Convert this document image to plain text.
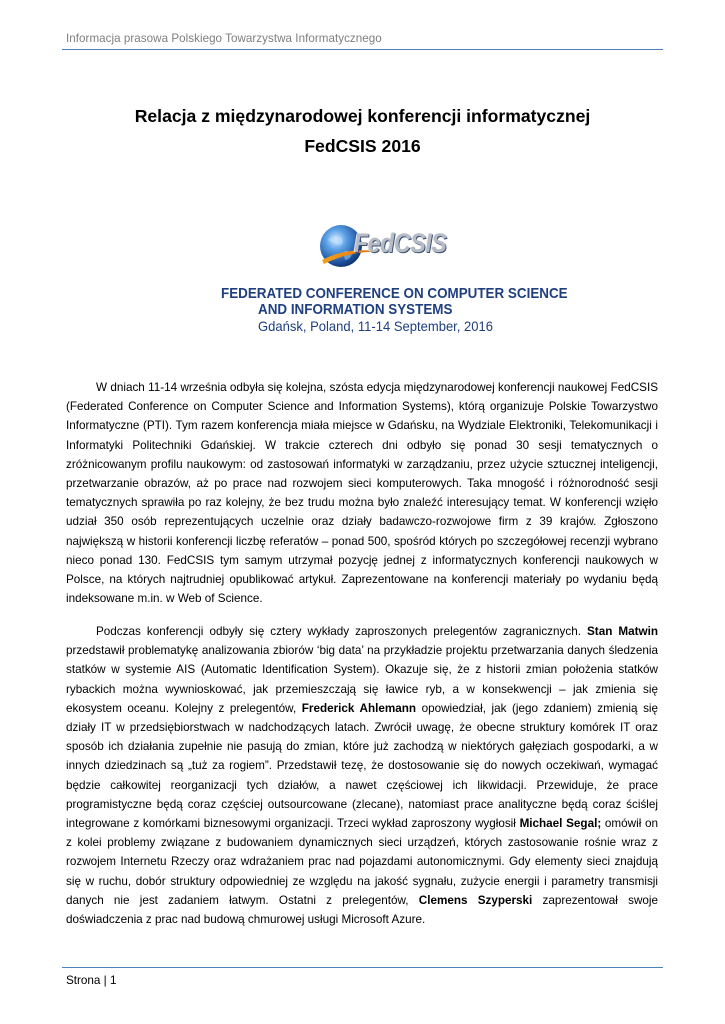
Informacja prasowa Polskiego Towarzystwa Informatycznego
Relacja z międzynarodowej konferencji informatycznej
FedCSIS 2016
FedCSIS
FEDERATED CONFERENCE ON COMPUTER SCIENCE
AND INFORMATION SYSTEMS
Gdańsk, Poland, 11-14 September, 2016

W dniach 11-14 września odbyła się kolejna, szósta edycja międzynarodowej konferencji naukowej FedCSIS (Federated Conference on Computer Science and Information Systems), którą organizuje Polskie Towarzystwo Informatyczne (PTI). Tym razem konferencja miała miejsce w Gdańsku, na Wydziale Elektroniki, Telekomunikacji i Informatyki Politechniki Gdańskiej. W trakcie czterech dni odbyło się ponad 30 sesji tematycznych o zróżnicowanym profilu naukowym: od zastosowań informatyki w zarządzaniu, przez użycie sztucznej inteligencji, przetwarzanie obrazów, aż po prace nad rozwojem sieci komputerowych. Taka mnogość i różnorodność sesji tematycznych sprawiła po raz kolejny, że bez trudu można było znaleźć interesujący temat. W konferencji wzięło udział 350 osób reprezentujących uczelnie oraz działy badawczo-rozwojowe firm z 39 krajów. Zgłoszono największą w historii konferencji liczbę referatów – ponad 500, spośród których po szczegółowej recenzji wybrano nieco ponad 130. FedCSIS tym samym utrzymał pozycję jednej z informatycznych konferencji naukowych w Polsce, na których najtrudniej opublikować artykuł. Zaprezentowane na konferencji materiały po wydaniu będą indeksowane m.in. w Web of Science.

Podczas konferencji odbyły się cztery wykłady zaproszonych prelegentów zagranicznych. Stan Matwin przedstawił problematykę analizowania zbiorów ‘big data’ na przykładzie projektu przetwarzania danych śledzenia statków w systemie AIS (Automatic Identification System). Okazuje się, że z historii zmian położenia statków rybackich można wywnioskować, jak przemieszczają się ławice ryb, a w konsekwencji – jak zmienia się ekosystem oceanu. Kolejny z prelegentów, Frederick Ahlemann opowiedział, jak (jego zdaniem) zmienią się działy IT w przedsiębiorstwach w nadchodzących latach. Zwrócił uwagę, że obecne struktury komórek IT oraz sposób ich działania zupełnie nie pasują do zmian, które już zachodzą w niektórych gałęziach gospodarki, a w innych dziedzinach są „tuż za rogiem”. Przedstawił tezę, że dostosowanie się do nowych oczekiwań, wymagać będzie całkowitej reorganizacji tych działów, a nawet częściowej ich likwidacji. Przewiduje, że prace programistyczne będą coraz częściej outsourcowane (zlecane), natomiast prace analityczne będą coraz ściślej integrowane z komórkami biznesowymi organizacji. Trzeci wykład zaproszony wygłosił Michael Segal; omówił on z kolei problemy związane z budowaniem dynamicznych sieci urządzeń, których zastosowanie rośnie wraz z rozwojem Internetu Rzeczy oraz wdrażaniem prac nad pojazdami autonomicznymi. Gdy elementy sieci znajdują się w ruchu, dobór struktury odpowiedniej ze względu na jakość sygnału, zużycie energii i parametry transmisji danych nie jest zadaniem łatwym. Ostatni z prelegentów, Clemens Szyperski zaprezentował swoje doświadczenia z prac nad budową chmurowej usługi Microsoft Azure.

Strona | 1
